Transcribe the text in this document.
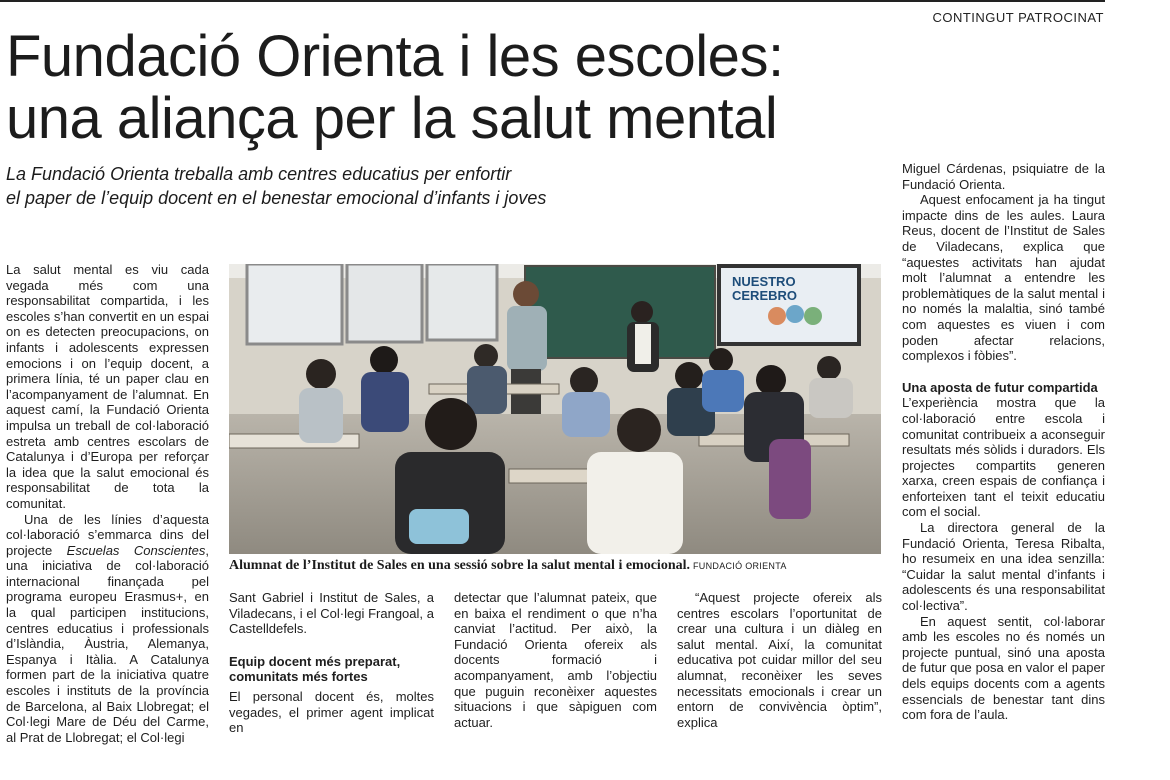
CONTINGUT PATROCINAT
Fundació Orienta i les escoles:
una aliança per la salut mental
La Fundació Orienta treballa amb centres educatius per enfortir
el paper de l’equip docent en el benestar emocional d’infants i joves

La salut mental es viu cada vegada més com una responsabilitat compartida, i les escoles s’han convertit en un espai on es detecten preocupacions, on infants i adolescents expressen emocions i on l’equip docent, a primera línia, té un paper clau en l’acompanyament de l’alumnat. En aquest camí, la Fundació Orienta impulsa un treball de col·laboració estreta amb centres escolars de Catalunya i d’Europa per reforçar la idea que la salut emocional és responsabilitat de tota la comunitat.

Una de les línies d’aquesta col·laboració s’emmarca dins del projecte Escuelas Conscientes, una iniciativa de col·laboració internacional finançada pel programa europeu Erasmus+, en la qual participen institucions, centres educatius i professionals d’Islàndia, Àustria, Alemanya, Espanya i Itàlia. A Catalunya formen part de la iniciativa quatre escoles i instituts de la província de Barcelona, al Baix Llobregat; el Col·legi Mare de Déu del Carme, al Prat de Llobregat; el Col·legi

NUESTRO
CEREBRO
Alumnat de l’Institut de Sales en una sessió sobre la salut mental i emocional. FUNDACIÓ ORIENTA

Sant Gabriel i Institut de Sales, a Viladecans, i el Col·legi Frangoal, a Castelldefels.

Equip docent més preparat, comunitats més fortes

El personal docent és, moltes vegades, el primer agent implicat en

detectar que l’alumnat pateix, que en baixa el rendiment o que n’ha canviat l’actitud. Per això, la Fundació Orienta ofereix als docents formació i acompanyament, amb l’objectiu que puguin reconèixer aquestes situacions i que sàpiguen com actuar.

“Aquest projecte ofereix als centres escolars l’oportunitat de crear una cultura i un diàleg en salut mental. Així, la comunitat educativa pot cuidar millor del seu alumnat, reconèixer les seves necessitats emocionals i crear un entorn de convivència òptim”, explica

Miguel Cárdenas, psiquiatre de la Fundació Orienta.

Aquest enfocament ja ha tingut impacte dins de les aules. Laura Reus, docent de l’Institut de Sales de Viladecans, explica que “aquestes activitats han ajudat molt l’alumnat a entendre les problemàtiques de la salut mental i no només la malaltia, sinó també com aquestes es viuen i com poden afectar relacions, complexos i fòbies”.

Una aposta de futur compartida

L’experiència mostra que la col·laboració entre escola i comunitat contribueix a aconseguir resultats més sòlids i duradors. Els projectes compartits generen xarxa, creen espais de confiança i enforteixen tant el teixit educatiu com el social.

La directora general de la Fundació Orienta, Teresa Ribalta, ho resumeix en una idea senzilla: “Cuidar la salut mental d’infants i adolescents és una responsabilitat col·lectiva”.

En aquest sentit, col·laborar amb les escoles no és només un projecte puntual, sinó una aposta de futur que posa en valor el paper dels equips docents com a agents essencials de benestar tant dins com fora de l’aula.
